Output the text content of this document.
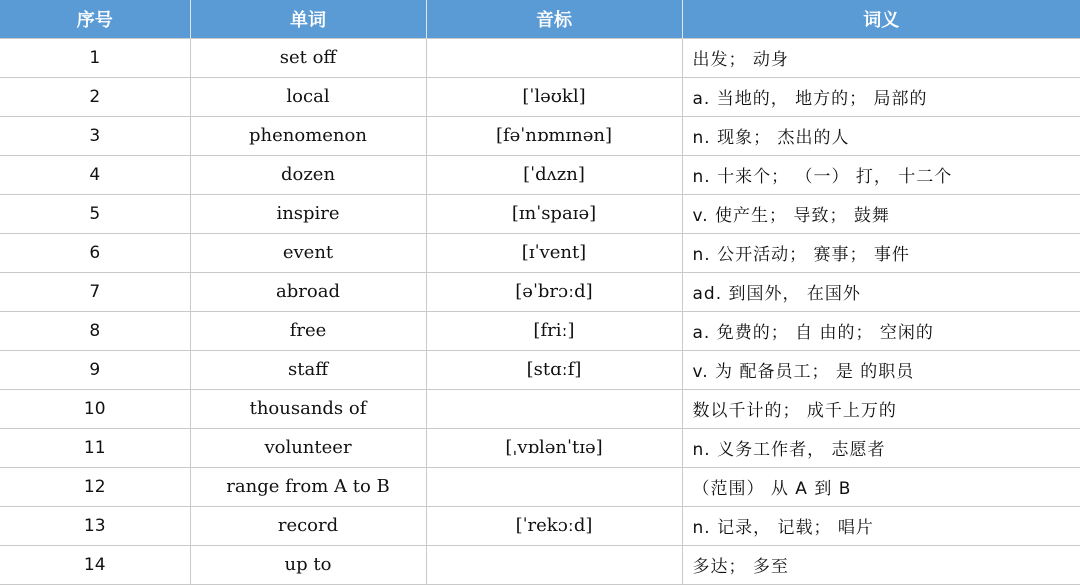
序号	单词	音标	词义
1	set off		出发； 动身
2	local	[ˈləʊkl]	a. 当地的， 地方的； 局部的
3	phenomenon	[fəˈnɒmɪnən]	n. 现象； 杰出的人
4	dozen	[ˈdʌzn]	n. 十来个； （一） 打， 十二个
5	inspire	[ɪnˈspaɪə]	v. 使产生； 导致； 鼓舞
6	event	[ɪˈvent]	n. 公开活动； 赛事； 事件
7	abroad	[əˈbrɔːd]	ad. 到国外， 在国外
8	free	[friː]	a. 免费的； 自 由的； 空闲的
9	staff	[stɑːf]	v. 为 配备员工； 是 的职员
10	thousands of		数以千计的； 成千上万的
11	volunteer	[ˌvɒlənˈtɪə]	n. 义务工作者， 志愿者
12	range from A to B		（范围） 从 A 到 B
13	record	[ˈrekɔːd]	n. 记录， 记载； 唱片
14	up to		多达； 多至
